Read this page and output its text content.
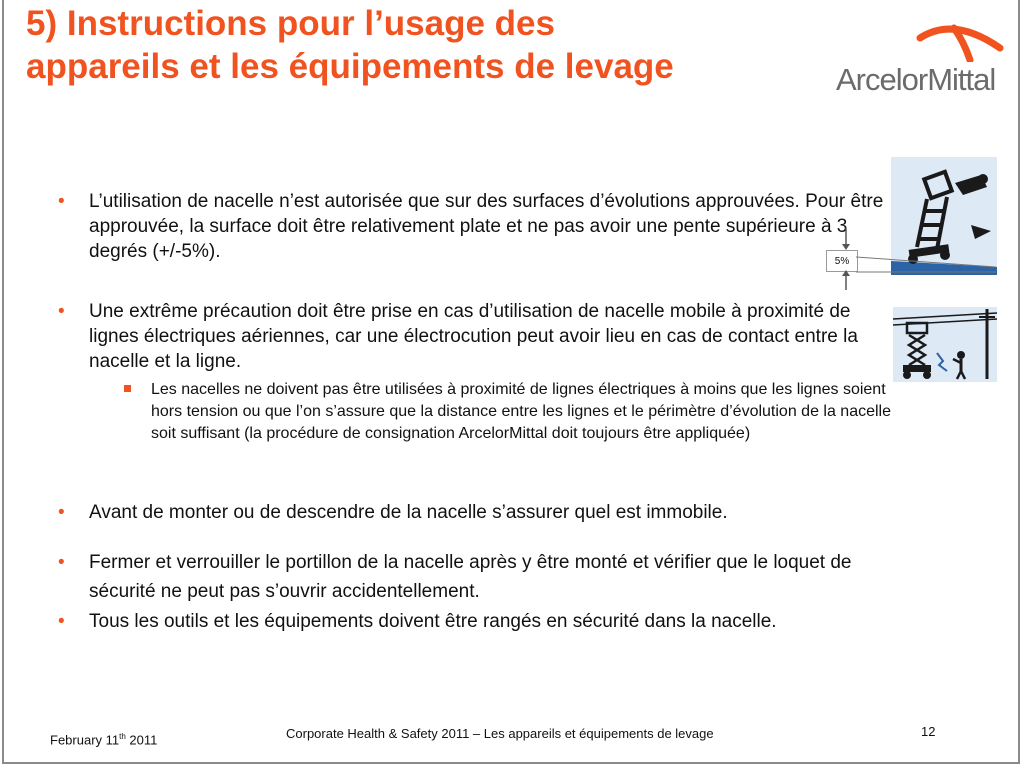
5) Instructions pour l’usage des
appareils et les équipements de levage	ArcelorMittal
• L’utilisation de nacelle n’est autorisée que sur des surfaces d’évolutions approuvées. Pour être approuvée, la surface doit être relativement plate et ne pas avoir une pente supérieure à 3 degrés (+/-5%).
• Une extrême précaution doit être prise en cas d’utilisation de nacelle mobile à proximité de lignes électriques aériennes, car une électrocution peut avoir lieu en cas de contact entre la nacelle et la ligne.
Les nacelles ne doivent pas être utilisées à proximité de lignes électriques à moins que les lignes soient hors tension ou que l’on s’assure que la distance entre les lignes et le périmètre d’évolution de la nacelle soit suffisant (la procédure de consignation ArcelorMittal doit toujours être appliquée)
• Avant de monter ou de descendre de la nacelle s’assurer quel est immobile.
• Fermer et verrouiller le portillon de la nacelle après y être monté et vérifier que le loquet de sécurité ne peut pas s’ouvrir accidentellement.
• Tous les outils et les équipements doivent être rangés en sécurité dans la nacelle.
5%
February 11th 2011	Corporate Health & Safety 2011 – Les appareils et équipements de levage	12
